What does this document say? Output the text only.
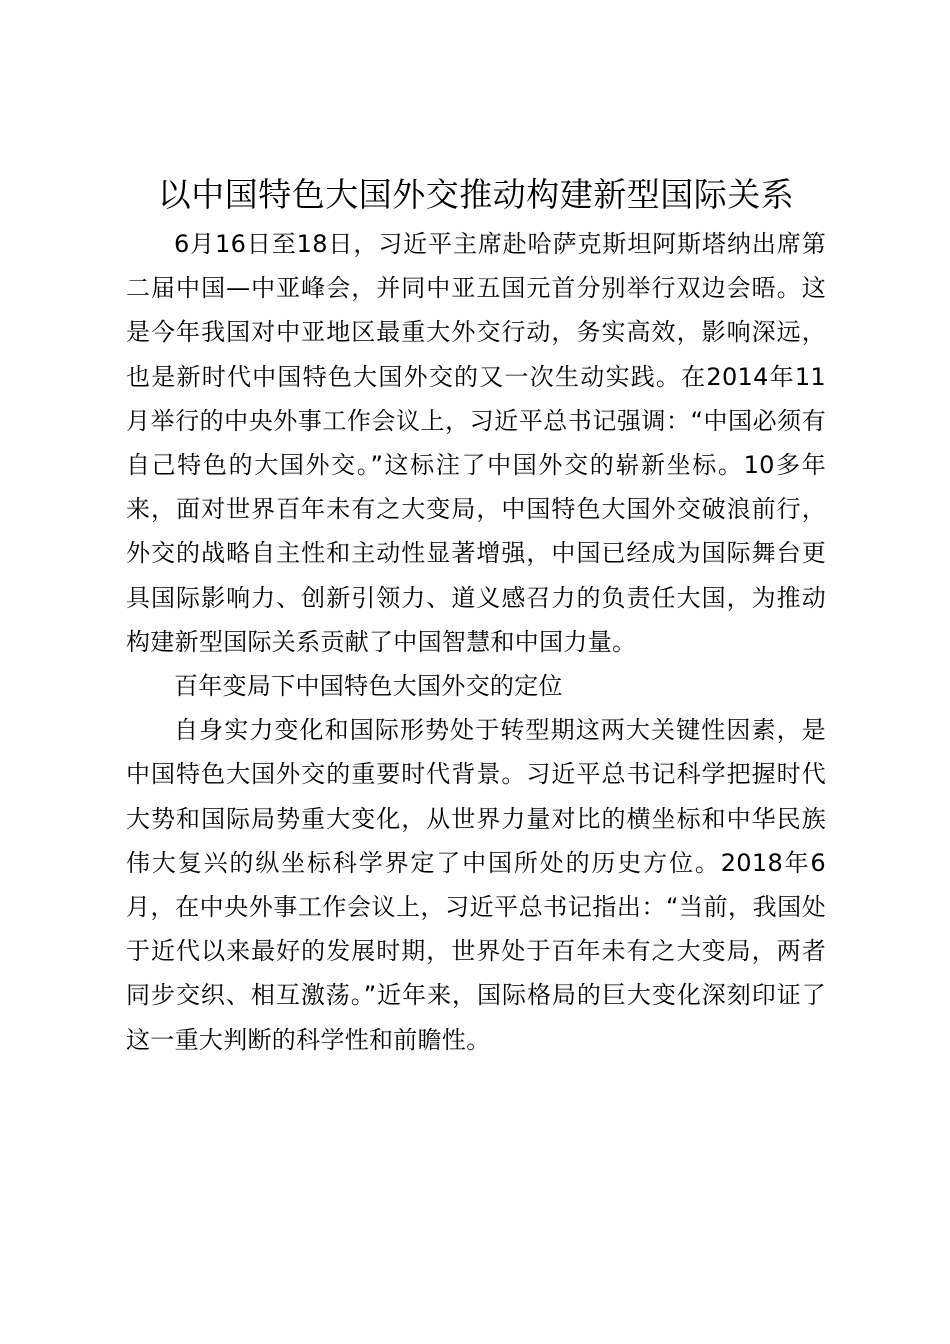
以中国特色大国外交推动构建新型国际关系

6月16日至18日，习近平主席赴哈萨克斯坦阿斯塔纳出席第二届中国—中亚峰会，并同中亚五国元首分别举行双边会晤。这是今年我国对中亚地区最重大外交行动，务实高效，影响深远，也是新时代中国特色大国外交的又一次生动实践。在2014年11月举行的中央外事工作会议上，习近平总书记强调：“中国必须有自己特色的大国外交。”这标注了中国外交的崭新坐标。10多年来，面对世界百年未有之大变局，中国特色大国外交破浪前行，外交的战略自主性和主动性显著增强，中国已经成为国际舞台更具国际影响力、创新引领力、道义感召力的负责任大国，为推动构建新型国际关系贡献了中国智慧和中国力量。

百年变局下中国特色大国外交的定位

自身实力变化和国际形势处于转型期这两大关键性因素，是中国特色大国外交的重要时代背景。习近平总书记科学把握时代大势和国际局势重大变化，从世界力量对比的横坐标和中华民族伟大复兴的纵坐标科学界定了中国所处的历史方位。2018年6月，在中央外事工作会议上，习近平总书记指出：“当前，我国处于近代以来最好的发展时期，世界处于百年未有之大变局，两者同步交织、相互激荡。”近年来，国际格局的巨大变化深刻印证了这一重大判断的科学性和前瞻性。
